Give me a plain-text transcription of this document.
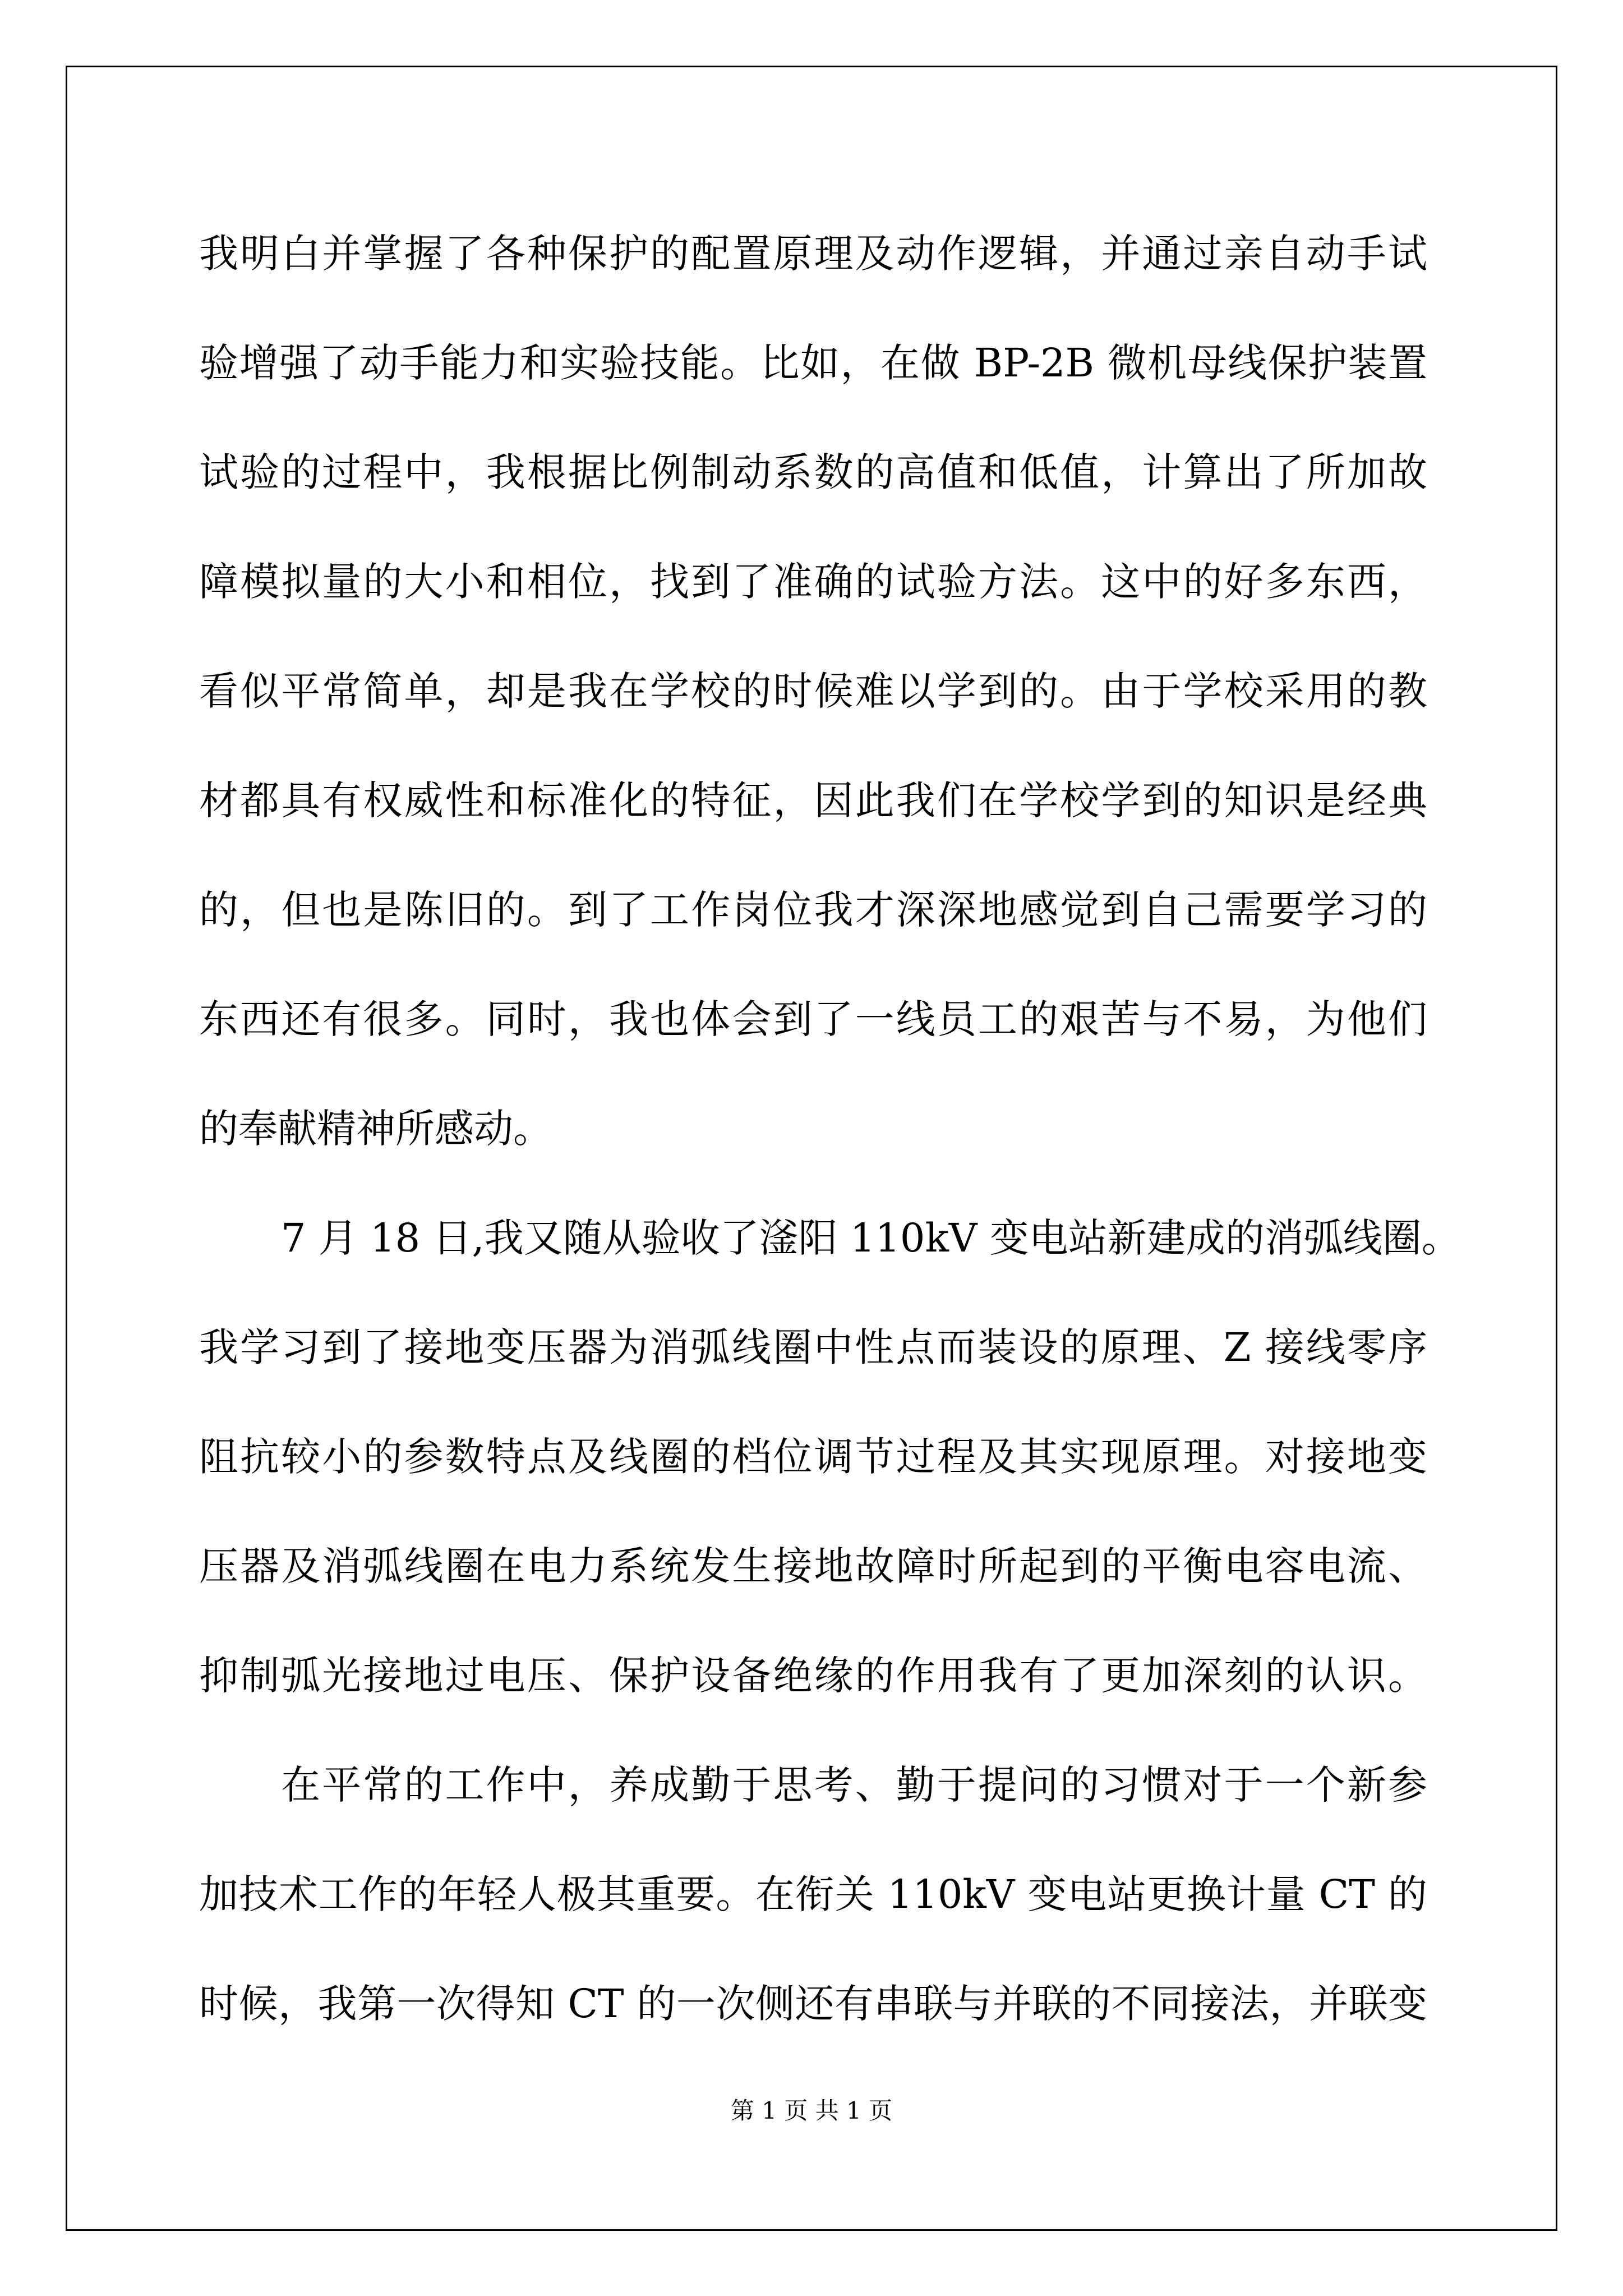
我明白并掌握了各种保护的配置原理及动作逻辑，并通过亲自动手试
验增强了动手能力和实验技能。比如，在做 BP-2B 微机母线保护装置
试验的过程中，我根据比例制动系数的高值和低值，计算出了所加故
障模拟量的大小和相位，找到了准确的试验方法。这中的好多东西，
看似平常简单，却是我在学校的时候难以学到的。由于学校采用的教
材都具有权威性和标准化的特征，因此我们在学校学到的知识是经典
的，但也是陈旧的。到了工作岗位我才深深地感觉到自己需要学习的
东西还有很多。同时，我也体会到了一线员工的艰苦与不易，为他们
的奉献精神所感动。
7 月 18 日,我又随从验收了滏阳 110kV 变电站新建成的消弧线圈。
我学习到了接地变压器为消弧线圈中性点而装设的原理、Z 接线零序
阻抗较小的参数特点及线圈的档位调节过程及其实现原理。对接地变
压器及消弧线圈在电力系统发生接地故障时所起到的平衡电容电流、
抑制弧光接地过电压、保护设备绝缘的作用我有了更加深刻的认识。
在平常的工作中，养成勤于思考、勤于提问的习惯对于一个新参
加技术工作的年轻人极其重要。在衔关 110kV 变电站更换计量 CT 的
时候，我第一次得知 CT 的一次侧还有串联与并联的不同接法，并联变
第 1 页 共 1 页
